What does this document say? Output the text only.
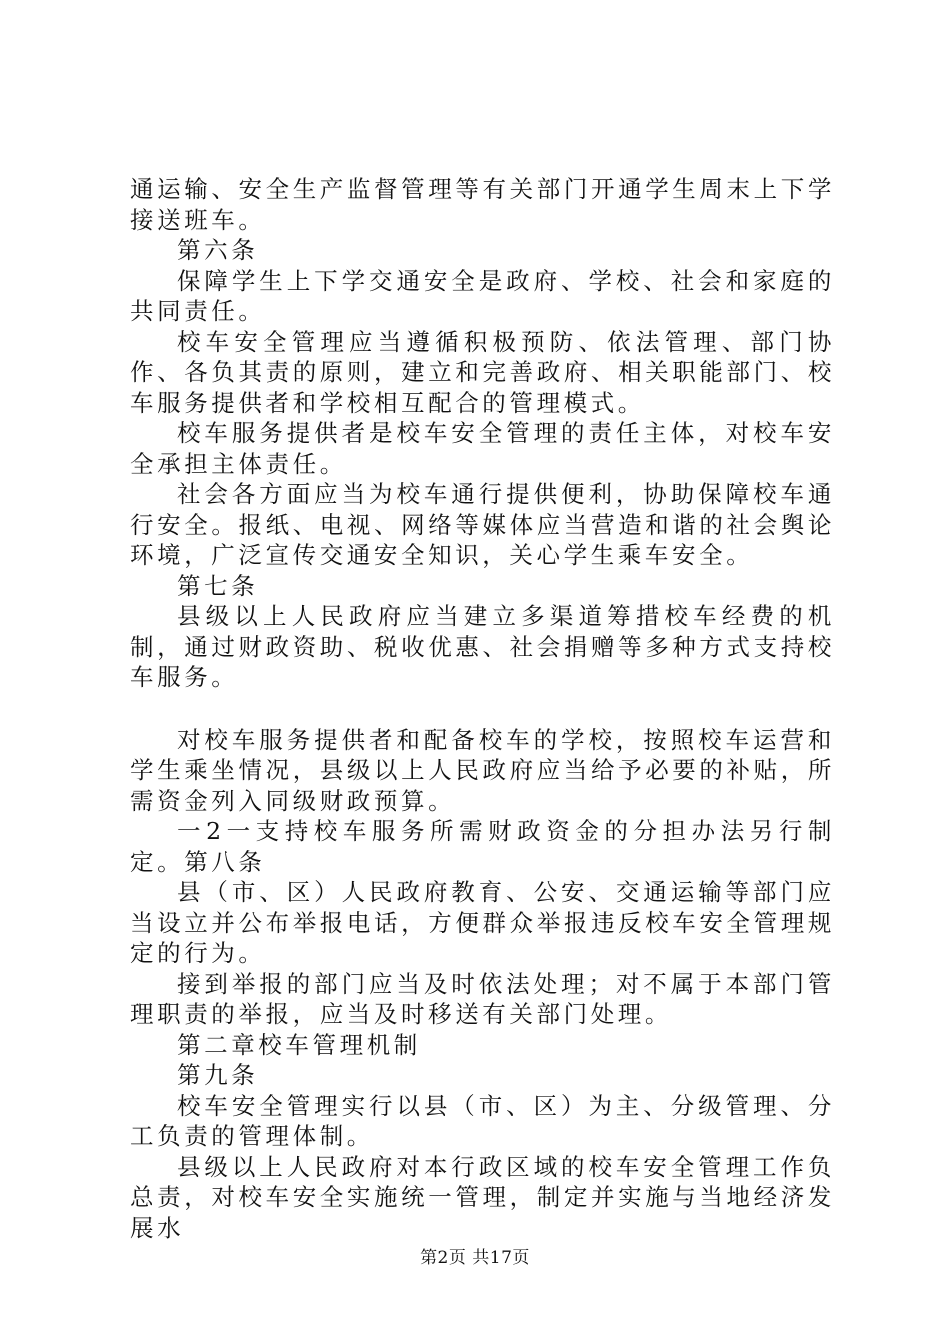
通运输、安全生产监督管理等有关部门开通学生周末上下学接送班车。

第六条

保障学生上下学交通安全是政府、学校、社会和家庭的共同责任。

校车安全管理应当遵循积极预防、依法管理、部门协作、各负其责的原则，建立和完善政府、相关职能部门、校车服务提供者和学校相互配合的管理模式。

校车服务提供者是校车安全管理的责任主体，对校车安全承担主体责任。

社会各方面应当为校车通行提供便利，协助保障校车通行安全。报纸、电视、网络等媒体应当营造和谐的社会舆论环境，广泛宣传交通安全知识，关心学生乘车安全。

第七条

县级以上人民政府应当建立多渠道筹措校车经费的机制，通过财政资助、税收优惠、社会捐赠等多种方式支持校车服务。

对校车服务提供者和配备校车的学校，按照校车运营和学生乘坐情况，县级以上人民政府应当给予必要的补贴，所需资金列入同级财政预算。

一2一支持校车服务所需财政资金的分担办法另行制定。第八条

县（市、区）人民政府教育、公安、交通运输等部门应当设立并公布举报电话，方便群众举报违反校车安全管理规定的行为。

接到举报的部门应当及时依法处理；对不属于本部门管理职责的举报，应当及时移送有关部门处理。

第二章校车管理机制

第九条

校车安全管理实行以县（市、区）为主、分级管理、分工负责的管理体制。

县级以上人民政府对本行政区域的校车安全管理工作负总责，对校车安全实施统一管理，制定并实施与当地经济发展水

第2页 共17页
